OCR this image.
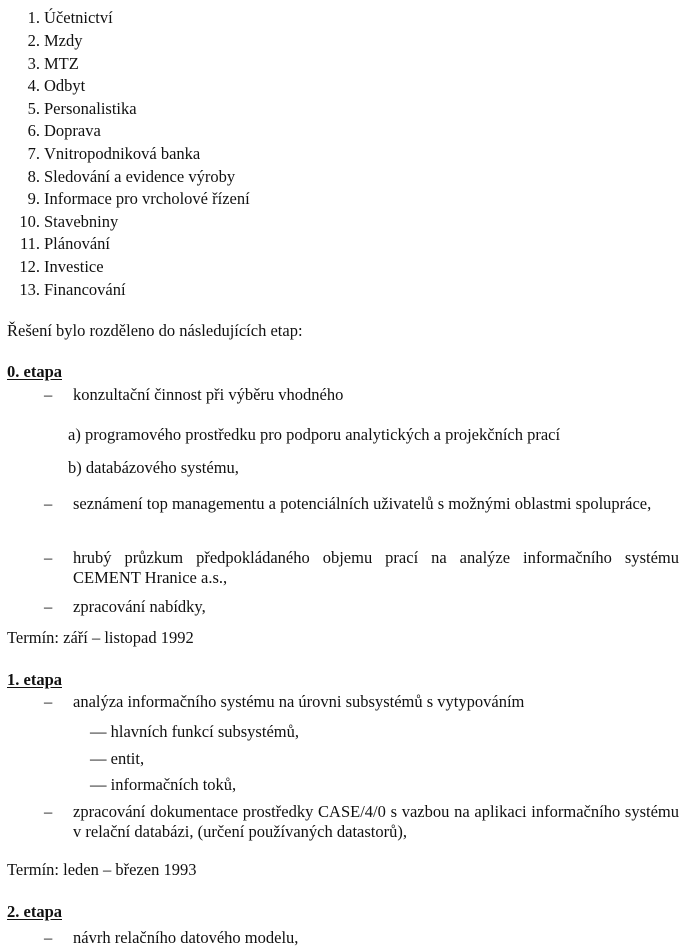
1. Účetnictví
2. Mzdy
3. MTZ
4. Odbyt
5. Personalistika
6. Doprava
7. Vnitropodniková banka
8. Sledování a evidence výroby
9. Informace pro vrcholové řízení
10. Stavebniny
11. Plánování
12. Investice
13. Financování
Řešení bylo rozděleno do následujících etap:
0. etapa
– konzultační činnost při výběru vhodného
a) programového prostředku pro podporu analytických a projekčních prací
b) databázového systému,
– seznámení top managementu a potenciálních uživatelů s možnými oblastmi spolupráce,
– hrubý průzkum předpokládaného objemu prací na analýze informačního systému CEMENT Hranice a.s.,
– zpracování nabídky,
Termín: září – listopad 1992
1. etapa
– analýza informačního systému na úrovni subsystémů s vytypováním
— hlavních funkcí subsystémů,
— entit,
— informačních toků,
– zpracování dokumentace prostředky CASE/4/0 s vazbou na aplikaci informačního systému v relační databázi, (určení používaných datastorů),
Termín: leden – březen 1993
2. etapa
– návrh relačního datového modelu,
